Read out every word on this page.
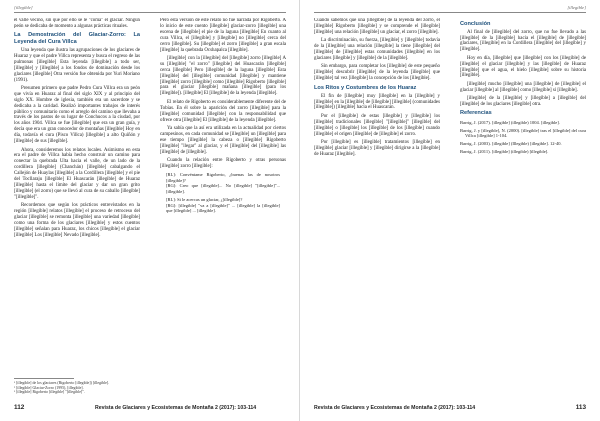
[illegible]

el valle vecino, sin que por ello se le "coma" el glaciar. Ningún peón se dedicaba de momento a algunas prácticas rituales.

La Demostración del Glaciar-Zorro: La Leyenda del Cura Villca

Una leyenda que ilustra las agrupaciones de los glaciares de Huaraz y que el padre Villca representa y busca el regreso de las pulmonas [illegible] Esta leyenda [illegible] a todo ser, [illegible] y [illegible] a los fondos de dominación desde los glaciares [illegible] Otra versión fue obtenida por Yuri Moriano (1991).

Presumen primero que padre Pedro Cura Villca era un peón que vivía en Huaraz al final del siglo XIX y al principio del siglo XX. Hombre de iglesia, también era un sacerdote y se dedicaba a la caridad. Realizó importantes trabajos de interés público y comunitario como el arreglo del camino que llevaba a través de los pastos de su lugar de Conchucos a la ciudad, por los años 1904. Villca se fue [illegible] que era un gran guía, y decía que era un gran conocedor de montañas [illegible] Hoy en día, todavía el cura (Pisco Villca) [illegible] a alto Quiñón y [illegible] de sus [illegible].

Ahora, consideremos los relatos locales. Asimismo en esta era el padre de Villca había hecho construir un camino para conectar la quebrada Ulta hacia el valle, de un lado de la cordillera [illegible] (Chanchán) [illegible] cabalgando el Callejón de Huaylas [illegible] a la Cordillera [illegible] y el pie del Tocllaraju [illegible] El Huascarán [illegible] de Huaraz [illegible] hasta el límite del glaciar y dar un gran grito [illegible] (el zorro) que se llevó al cura de su caballo [illegible] "[illegible]".

Recordemos que según los prácticos entrevistados en la región [illegible] relatos [illegible] el proceso de retroceso del glaciar [illegible] se remonta [illegible] una variedad [illegible] como una forma de los glaciares [illegible] y estos cuentos [illegible] señalan para Huaraz, los chicos [illegible] el glaciar [illegible] Los [illegible] Nevado [illegible].

Pero esta versión de este relato no fue narrada por Rigoberto. A lo inicio de este cuento [illegible] glaciar-zorro [illegible] una escena de [illegible] el pie de la laguna [illegible] En cuanto al cura Villca, el [illegible] y [illegible] no [illegible] cerca del cerro [illegible]. Su [illegible] el zorro [illegible] a gran escala [illegible] la quebrada Ocshapalca [illegible].

[illegible] con la [illegible] del [illegible] zorro [illegible] A su [illegible] "el zorro" [illegible] del Huascarán [illegible] cerca [illegible] Pero [illegible] de la laguna [illegible] Esta [illegible] del [illegible] comunidad [illegible] y mantiene [illegible] zorro [illegible] como [illegible] Rigoberto [illegible] para el glaciar [illegible] mañana [illegible] (para los [illegible]). [illegible] El [illegible] de la leyenda [illegible].

El relato de Rigoberto es considerablemente diferente del de Tobías. En él sobre la aparición del zorro [illegible] para la [illegible] comunidad [illegible] con la responsabilidad que ofrece otra [illegible] El [illegible] de la leyenda [illegible].

Ya sabía que la así era utilizada en la actualidad por ciertos campesinos, en cada comunidad se [illegible] un [illegible] para ese tiempo [illegible] la cabeza o [illegible] Rigoberto [illegible] "llegar" al glaciar, y el [illegible] del [illegible] las [illegible] de [illegible].

Cuando la relación entre Rigoberto y otras personas [illegible] zorro [illegible]:

[RL]: Convéntame Rigoberto, ¿buenas las de nosotros [illegible]?
[RG]: Creo que [illegible]... No [illegible] "[illegible]"... [illegible].

[RL]: Si le acercas un glaciar, ¿[illegible]?
[RG]: [illegible] "va a [illegible]" ... [illegible] la [illegible] que [illegible] ... [illegible].

¹ [illegible] de los glaciares (Rigoberto [illegible]) [illegible].
² [illegible] Glaciar-Zorro (1995), [illegible].
³ [illegible] Rigoberto [illegible] "[illegible]".
112	Revista de Glaciares y Ecosistemas de Montaña 2 (2017): 103-114
[illegible]

Cuando sabemos que una [illegible] de la leyenda del zorro, el [illegible] Rigoberto [illegible] y se comprende el [illegible] [illegible] una relación [illegible] un glaciar, el zorro [illegible].

La discriminación, su fuerza, [illegible] y [illegible] todavía de la [illegible] una relación [illegible] la tiene [illegible] del [illegible] de [illegible] estas comunidades [illegible] en los glaciares [illegible] y [illegible] de la [illegible].

Sin embargo, para completar los [illegible] de este pequeño [illegible] descubrir [illegible] de la leyenda [illegible] que [illegible] tal vez [illegible] la concepción de los [illegible].

Los Ritos y Costumbres de los Huaraz

El fin de [illegible] muy [illegible] en la [illegible] y [illegible] en la [illegible] de [illegible] [illegible] (comunidades [illegible]) [illegible] hacia el Huascarán.

Por el [illegible] de estas [illegible] y [illegible] los [illegible] tradicionales [illegible] "[illegible]" [illegible] del [illegible] o [illegible] los [illegible] de los [illegible] cuando [illegible] el origen [illegible] de [illegible] el zorro.

Por [illegible] es [illegible] tratamientos [illegible] en [illegible] glaciar [illegible] y [illegible] dirigirse a la [illegible] de Huaraz [illegible].

Conclusión

Al final de [illegible] del zorro, que no fue llevado a las [illegible] de la [illegible] hacia el [illegible] de [illegible] glaciares, [illegible] en la Cordillera [illegible] del [illegible] y [illegible].

Hoy en día, [illegible] que [illegible] con los [illegible] de [illegible] el glaciar [illegible] y las [illegible] de Huaraz [illegible] que el agua, el hielo [illegible] sobre su historia [illegible].

[illegible] mucho [illegible] una [illegible] de [illegible] el glaciar [illegible] al [illegible] como [illegible] si [illegible].

[illegible] de la [illegible] y [illegible] a [illegible] del [illegible] de los glaciares [illegible] otra.

Referencias

Barrig, J. (2017). [illegible] (illegible) 1004. [illegible].

Barrig, J. y [illegible], N. (2000). [illegible] tras el [illegible] del cura Villca [illegible] 1-104.

Barrig, J. (2003). [illegible] (Illegible) [illegible]. 12-40.

Barrig, J. (2011). [illegible] (illegible) [illegible].

Revista de Glaciares y Ecosistemas de Montaña 2 (2017): 103-114	113
